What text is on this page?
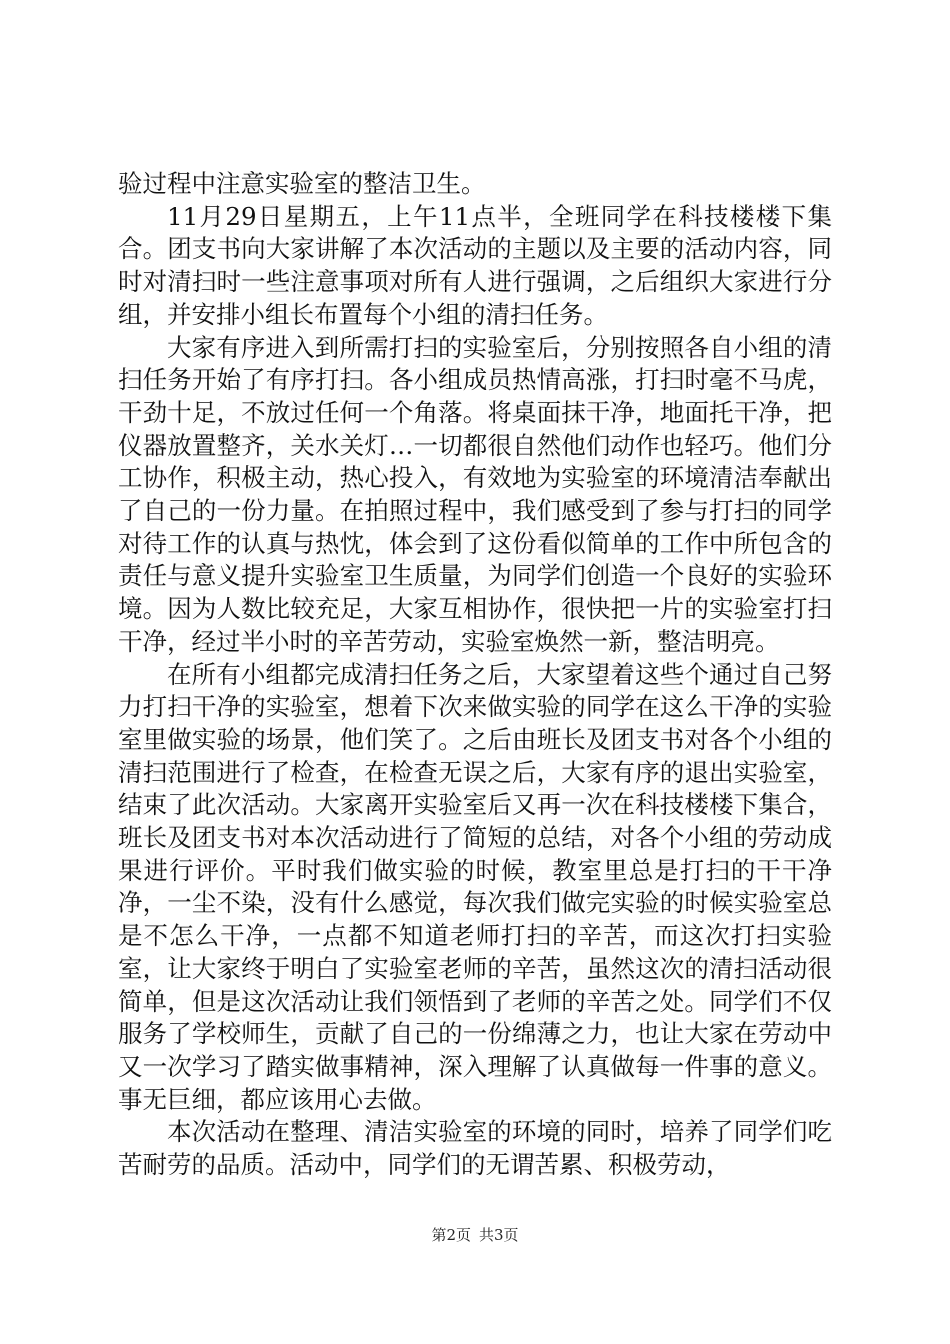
验过程中注意实验室的整洁卫生。

11月29日星期五，上午11点半，全班同学在科技楼楼下集合。团支书向大家讲解了本次活动的主题以及主要的活动内容，同时对清扫时一些注意事项对所有人进行强调，之后组织大家进行分组，并安排小组长布置每个小组的清扫任务。

大家有序进入到所需打扫的实验室后，分别按照各自小组的清扫任务开始了有序打扫。各小组成员热情高涨，打扫时毫不马虎，干劲十足，不放过任何一个角落。将桌面抹干净，地面托干净，把仪器放置整齐，关水关灯…一切都很自然他们动作也轻巧。他们分工协作，积极主动，热心投入，有效地为实验室的环境清洁奉献出了自己的一份力量。在拍照过程中，我们感受到了参与打扫的同学对待工作的认真与热忱，体会到了这份看似简单的工作中所包含的责任与意义提升实验室卫生质量，为同学们创造一个良好的实验环境。因为人数比较充足，大家互相协作，很快把一片的实验室打扫干净，经过半小时的辛苦劳动，实验室焕然一新，整洁明亮。

在所有小组都完成清扫任务之后，大家望着这些个通过自己努力打扫干净的实验室，想着下次来做实验的同学在这么干净的实验室里做实验的场景，他们笑了。之后由班长及团支书对各个小组的清扫范围进行了检查，在检查无误之后，大家有序的退出实验室，结束了此次活动。大家离开实验室后又再一次在科技楼楼下集合，班长及团支书对本次活动进行了简短的总结，对各个小组的劳动成果进行评价。平时我们做实验的时候，教室里总是打扫的干干净净，一尘不染，没有什么感觉，每次我们做完实验的时候实验室总是不怎么干净，一点都不知道老师打扫的辛苦，而这次打扫实验室，让大家终于明白了实验室老师的辛苦，虽然这次的清扫活动很简单，但是这次活动让我们领悟到了老师的辛苦之处。同学们不仅服务了学校师生，贡献了自己的一份绵薄之力，也让大家在劳动中又一次学习了踏实做事精神，深入理解了认真做每一件事的意义。事无巨细，都应该用心去做。

本次活动在整理、清洁实验室的环境的同时，培养了同学们吃苦耐劳的品质。活动中，同学们的无谓苦累、积极劳动，

第2页 共3页
